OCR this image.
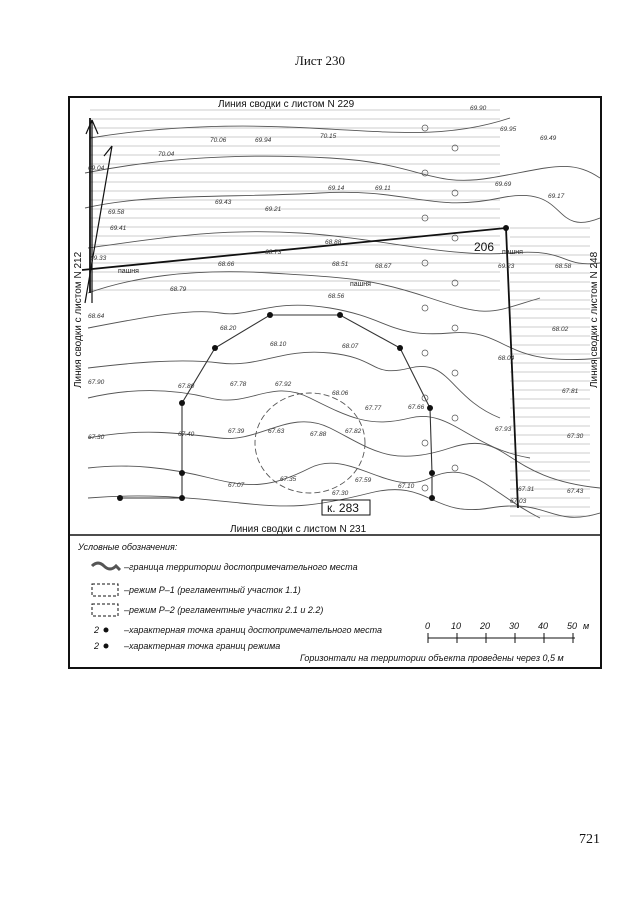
Лист 230
Линия сводки с листом N 229
Линия сводки с листом N 231
Линия сводки с листом N 212	Линия сводки с листом N 248
206
к. 283
пашня
пашня
пашня
69.90
69.95
69.49
70.06	69.94
70.15
70.04
69.04
69.58
69.43
69.14	69.11
69.69
69.17
69.41
69.21
69.33
68.88
68.73
68.66	68.51	68.67	69.23
68.79
68.56
68.58
68.64
68.20
68.10	68.07
68.02
67.90
67.80	67.78	67.92
68.06
67.77	67.66
68.04
67.30	67.40	67.39	67.63	67.88	67.82	67.93
67.81
67.07
67.35	67.59
67.30
67.10
67.30
67.31	67.43
67.03
Условные обозначения:
–граница территории достопримечательного места
–режим Р–1 (регламентный участок 1.1)
–режим Р–2 (регламентные участки 2.1 и 2.2)
2	–характерная точка границ достопримечательного места
2	–характерная точка границ режима
0 10 20 30 40 50 м
Горизонтали на территории объекта проведены через 0,5 м
721
